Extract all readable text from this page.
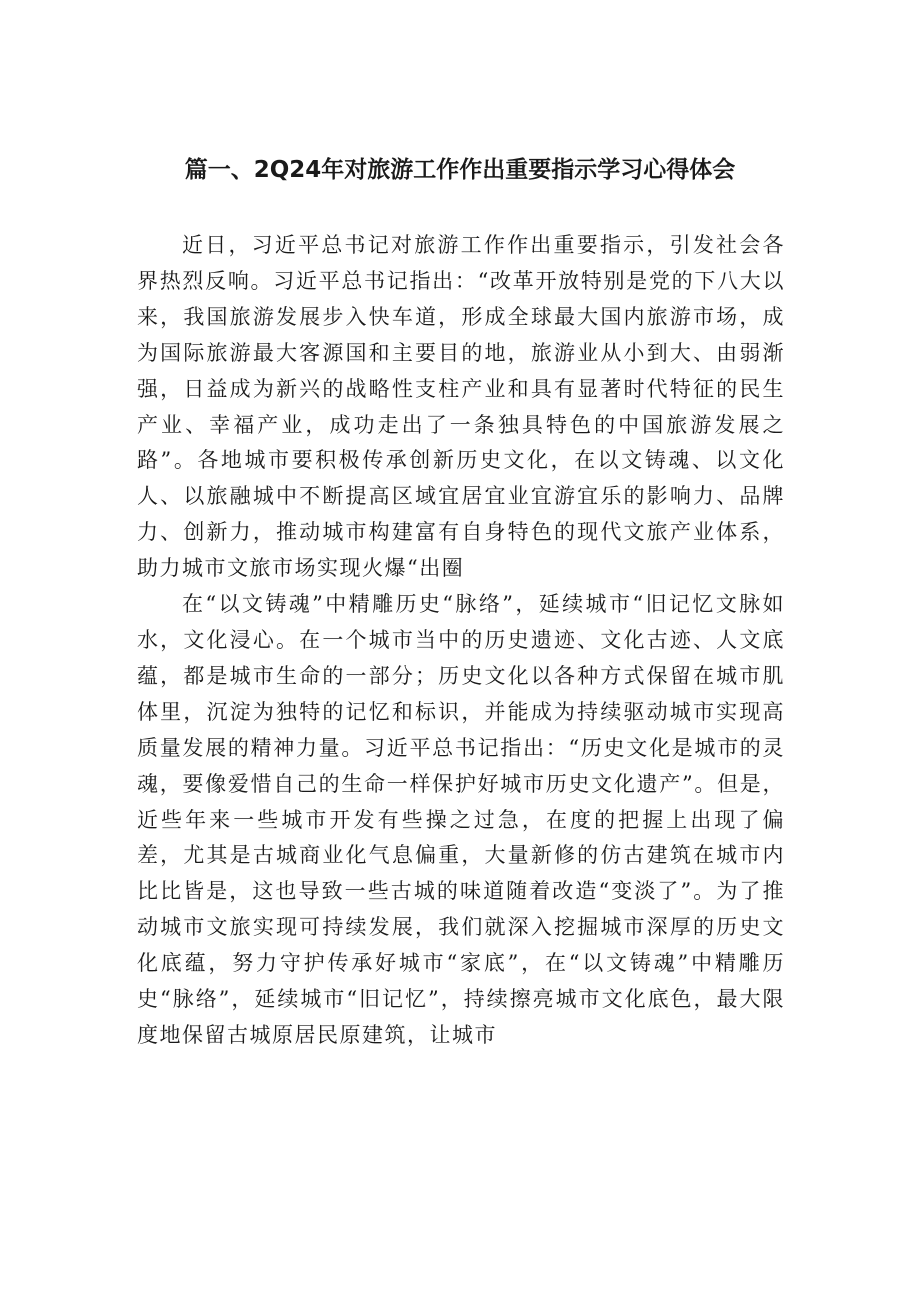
篇一、2Q24年对旅游工作作出重要指示学习心得体会

近日，习近平总书记对旅游工作作出重要指示，引发社会各界热烈反响。习近平总书记指出：“改革开放特别是党的下八大以来，我国旅游发展步入快车道，形成全球最大国内旅游市场，成为国际旅游最大客源国和主要目的地，旅游业从小到大、由弱渐强，日益成为新兴的战略性支柱产业和具有显著时代特征的民生产业、幸福产业，成功走出了一条独具特色的中国旅游发展之路”。各地城市要积极传承创新历史文化，在以文铸魂、以文化人、以旅融城中不断提高区域宜居宜业宜游宜乐的影响力、品牌力、创新力，推动城市构建富有自身特色的现代文旅产业体系，助力城市文旅市场实现火爆“出圈

在“以文铸魂”中精雕历史“脉络”，延续城市“旧记忆文脉如水，文化浸心。在一个城市当中的历史遗迹、文化古迹、人文底蕴，都是城市生命的一部分；历史文化以各种方式保留在城市肌体里，沉淀为独特的记忆和标识，并能成为持续驱动城市实现高质量发展的精神力量。习近平总书记指出：“历史文化是城市的灵魂，要像爱惜自己的生命一样保护好城市历史文化遗产”。但是，近些年来一些城市开发有些操之过急，在度的把握上出现了偏差，尤其是古城商业化气息偏重，大量新修的仿古建筑在城市内比比皆是，这也导致一些古城的味道随着改造“变淡了”。为了推动城市文旅实现可持续发展，我们就深入挖掘城市深厚的历史文化底蕴，努力守护传承好城市“家底”，在“以文铸魂”中精雕历史“脉络”，延续城市“旧记忆”，持续擦亮城市文化底色，最大限度地保留古城原居民原建筑，让城市
